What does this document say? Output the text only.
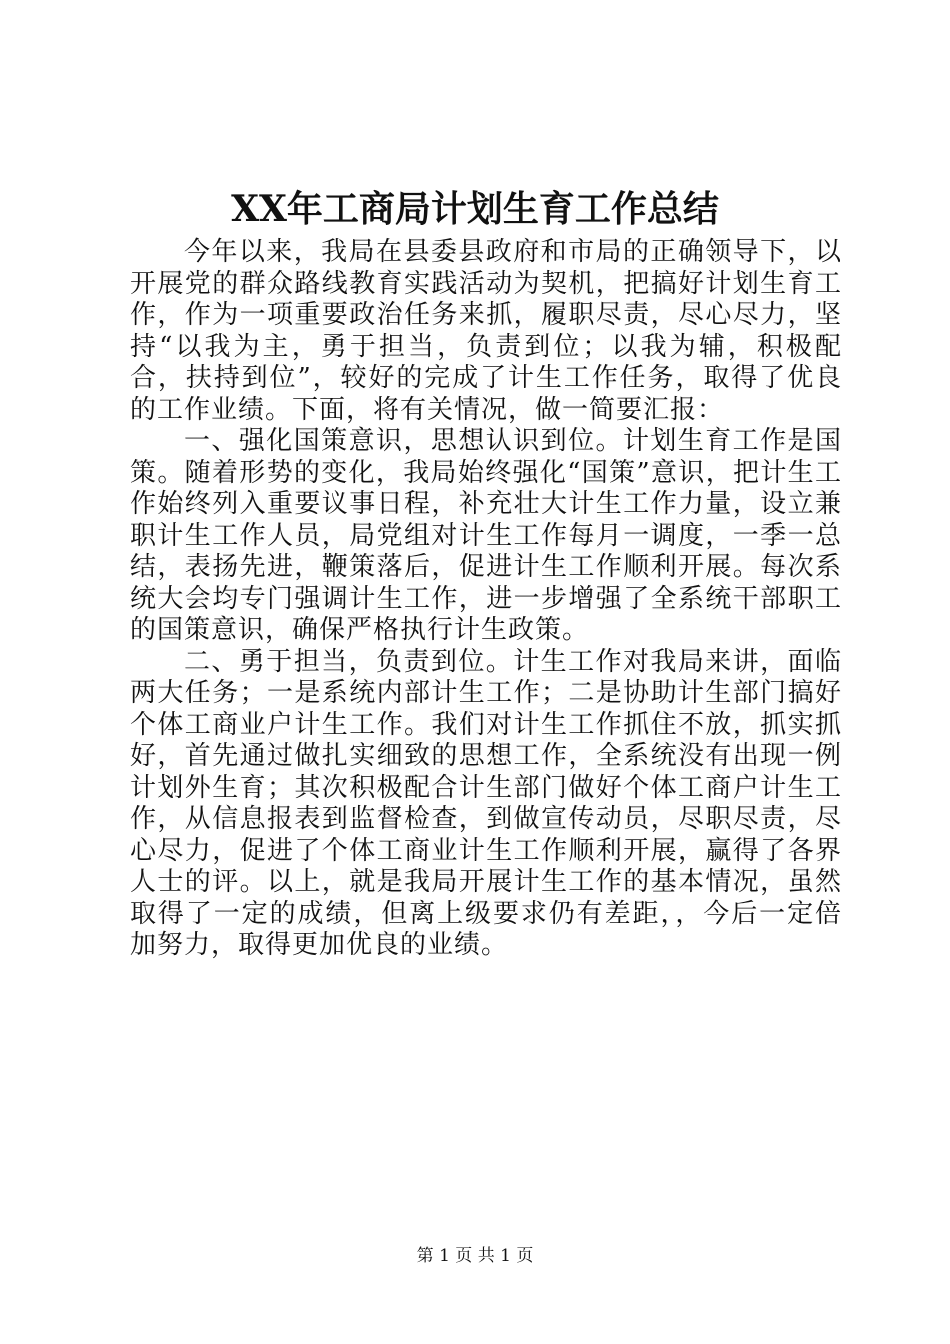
XX年工商局计划生育工作总结

今年以来，我局在县委县政府和市局的正确领导下，以开展党的群众路线教育实践活动为契机，把搞好计划生育工作，作为一项重要政治任务来抓，履职尽责，尽心尽力，坚持“以我为主，勇于担当，负责到位；以我为辅，积极配合，扶持到位”，较好的完成了计生工作任务，取得了优良的工作业绩。下面，将有关情况，做一简要汇报：

一、强化国策意识，思想认识到位。计划生育工作是国策。随着形势的变化，我局始终强化“国策”意识，把计生工作始终列入重要议事日程，补充壮大计生工作力量，设立兼职计生工作人员，局党组对计生工作每月一调度，一季一总结，表扬先进，鞭策落后，促进计生工作顺利开展。每次系统大会均专门强调计生工作，进一步增强了全系统干部职工的国策意识，确保严格执行计生政策。

二、勇于担当，负责到位。计生工作对我局来讲，面临两大任务；一是系统内部计生工作；二是协助计生部门搞好个体工商业户计生工作。我们对计生工作抓住不放，抓实抓好，首先通过做扎实细致的思想工作，全系统没有出现一例计划外生育；其次积极配合计生部门做好个体工商户计生工作，从信息报表到监督检查，到做宣传动员，尽职尽责，尽心尽力，促进了个体工商业计生工作顺利开展，赢得了各界人士的评。以上，就是我局开展计生工作的基本情况，虽然取得了一定的成绩，但离上级要求仍有差距，，今后一定倍加努力，取得更加优良的业绩。

第 1 页 共 1 页
